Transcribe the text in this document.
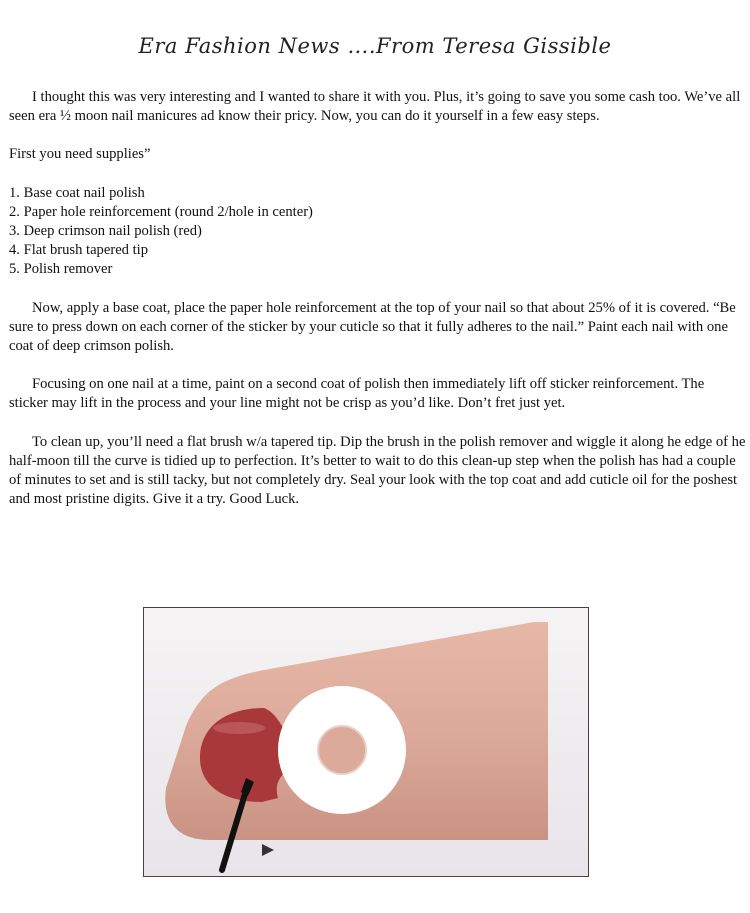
Era Fashion News ….From Teresa Gissible

I thought this was very interesting and I wanted to share it with you. Plus, it’s going to save you some cash too. We’ve all seen era ½ moon nail manicures ad know their pricy. Now, you can do it yourself in a few easy steps.

First you need supplies”

1. Base coat nail polish
2. Paper hole reinforcement (round 2/hole in center)
3. Deep crimson nail polish (red)
4. Flat brush tapered tip
5. Polish remover

Now, apply a base coat, place the paper hole reinforcement at the top of your nail so that about 25% of it is covered. “Be sure to press down on each corner of the sticker by your cuticle so that it fully adheres to the nail.” Paint each nail with one coat of deep crimson polish.

Focusing on one nail at a time, paint on a second coat of polish then immediately lift off sticker reinforcement. The sticker may lift in the process and your line might not be crisp as you’d like. Don’t fret just yet.

To clean up, you’ll need a flat brush w/a tapered tip. Dip the brush in the polish remover and wiggle it along he edge of he half-moon till the curve is tidied up to perfection. It’s better to wait to do this clean-up step when the polish has had a couple of minutes to set and is still tacky, but not completely dry. Seal your look with the top coat and add cuticle oil for the poshest and most pristine digits. Give it a try. Good Luck.
